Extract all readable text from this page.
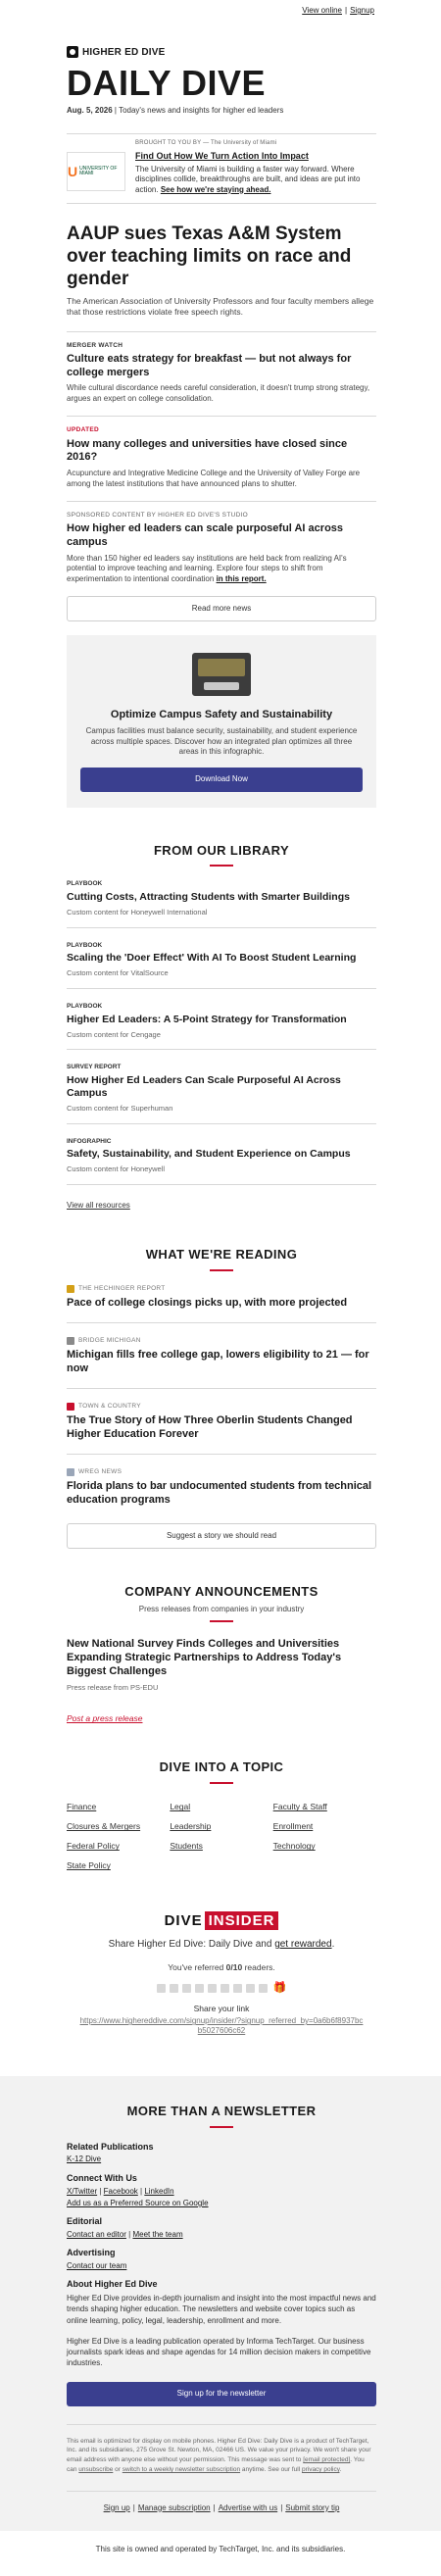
View online | Signup
HIGHER ED DIVE
DAILY DIVE
Aug. 5, 2026 | Today's news and insights for higher ed leaders
U UNIVERSITY OF MIAMI
BROUGHT TO YOU BY — The University of Miami
Find Out How We Turn Action Into Impact
The University of Miami is building a faster way forward. Where disciplines collide, breakthroughs are built, and ideas are put into action. See how we're staying ahead.
AAUP sues Texas A&M System over teaching limits on race and gender
The American Association of University Professors and four faculty members allege that those restrictions violate free speech rights.
MERGER WATCH
Culture eats strategy for breakfast — but not always for college mergers
While cultural discordance needs careful consideration, it doesn't trump strong strategy, argues an expert on college consolidation.
UPDATED
How many colleges and universities have closed since 2016?
Acupuncture and Integrative Medicine College and the University of Valley Forge are among the latest institutions that have announced plans to shutter.
SPONSORED CONTENT BY HIGHER ED DIVE'S STUDIO
How higher ed leaders can scale purposeful AI across campus
More than 150 higher ed leaders say institutions are held back from realizing AI's potential to improve teaching and learning. Explore four steps to shift from experimentation to intentional coordination in this report.
Read more news
Optimize Campus Safety and Sustainability
Campus facilities must balance security, sustainability, and student experience across multiple spaces. Discover how an integrated plan optimizes all three areas in this infographic.
Download Now
FROM OUR LIBRARY
PLAYBOOK
Cutting Costs, Attracting Students with Smarter Buildings
Custom content for Honeywell International
PLAYBOOK
Scaling the 'Doer Effect' With AI To Boost Student Learning
Custom content for VitalSource
PLAYBOOK
Higher Ed Leaders: A 5-Point Strategy for Transformation
Custom content for Cengage
SURVEY REPORT
How Higher Ed Leaders Can Scale Purposeful AI Across Campus
Custom content for Superhuman
INFOGRAPHIC
Safety, Sustainability, and Student Experience on Campus
Custom content for Honeywell
View all resources
WHAT WE'RE READING
THE HECHINGER REPORT
Pace of college closings picks up, with more projected
BRIDGE MICHIGAN
Michigan fills free college gap, lowers eligibility to 21 — for now
TOWN & COUNTRY
The True Story of How Three Oberlin Students Changed Higher Education Forever
WREG NEWS
Florida plans to bar undocumented students from technical education programs
Suggest a story we should read
COMPANY ANNOUNCEMENTS
Press releases from companies in your industry
New National Survey Finds Colleges and Universities Expanding Strategic Partnerships to Address Today's Biggest Challenges
Press release from PS-EDU
Post a press release
DIVE INTO A TOPIC
Finance	Legal	Faculty & Staff
Closures & Mergers	Leadership	Enrollment
Federal Policy	Students	Technology
State Policy
DIVE INSIDER
Share Higher Ed Dive: Daily Dive and get rewarded.
You've referred 0/10 readers.
🎁
Share your link
https://www.highereddive.com/signup/insider/?signup_referred_by=0a6b6f8937bcb5027606c62
MORE THAN A NEWSLETTER
Related Publications
K-12 Dive
Connect With Us
X/Twitter | Facebook | LinkedIn
Add us as a Preferred Source on Google
Editorial
Contact an editor | Meet the team
Advertising
Contact our team
About Higher Ed Dive
Higher Ed Dive provides in-depth journalism and insight into the most impactful news and trends shaping higher education. The newsletters and website cover topics such as online learning, policy, legal, leadership, enrollment and more.
Higher Ed Dive is a leading publication operated by Informa TechTarget. Our business journalists spark ideas and shape agendas for 14 million decision makers in competitive industries.
Sign up for the newsletter
This email is optimized for display on mobile phones. Higher Ed Dive: Daily Dive is a product of TechTarget, Inc. and its subsidiaries, 275 Grove St. Newton, MA, 02466 US. We value your privacy. We won't share your email address with anyone else without your permission. This message was sent to [email protected]. You can unsubscribe or switch to a weekly newsletter subscription anytime. See our full privacy policy.
Sign up | Manage subscription | Advertise with us | Submit story tip
This site is owned and operated by TechTarget, Inc. and its subsidiaries.
